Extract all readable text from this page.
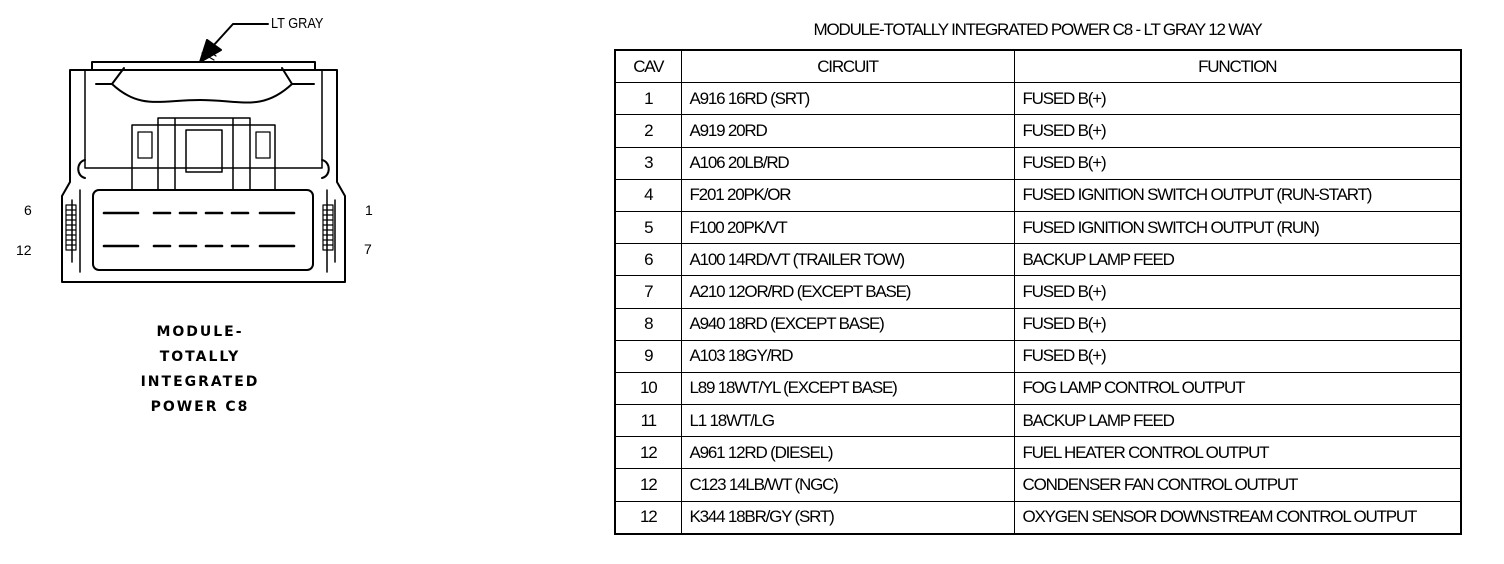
LT GRAY
6
12
1
7
MODULE-
TOTALLY
INTEGRATED
POWER C8
MODULE-TOTALLY INTEGRATED POWER C8 - LT GRAY 12 WAY
CAV	CIRCUIT	FUNCTION
1	A916 16RD (SRT)	FUSED B(+)
2	A919 20RD	FUSED B(+)
3	A106 20LB/RD	FUSED B(+)
4	F201 20PK/OR	FUSED IGNITION SWITCH OUTPUT (RUN-START)
5	F100 20PK/VT	FUSED IGNITION SWITCH OUTPUT (RUN)
6	A100 14RD/VT (TRAILER TOW)	BACKUP LAMP FEED
7	A210 12OR/RD (EXCEPT BASE)	FUSED B(+)
8	A940 18RD (EXCEPT BASE)	FUSED B(+)
9	A103 18GY/RD	FUSED B(+)
10	L89 18WT/YL (EXCEPT BASE)	FOG LAMP CONTROL OUTPUT
11	L1 18WT/LG	BACKUP LAMP FEED
12	A961 12RD (DIESEL)	FUEL HEATER CONTROL OUTPUT
12	C123 14LB/WT (NGC)	CONDENSER FAN CONTROL OUTPUT
12	K344 18BR/GY (SRT)	OXYGEN SENSOR DOWNSTREAM CONTROL OUTPUT
